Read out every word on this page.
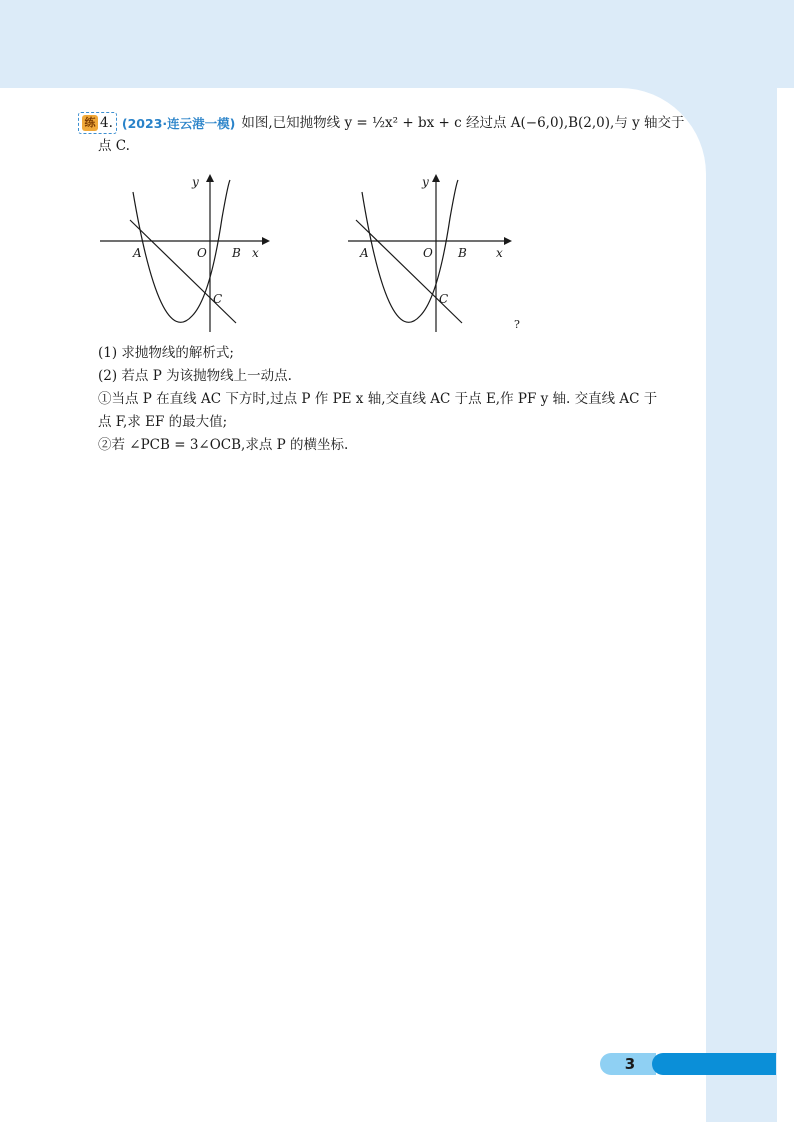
练 4. (2023·连云港一模) 如图,已知抛物线 y = ½x² + bx + c 经过点 A(−6,0),B(2,0),与 y 轴交于
点 C.
y
x
A	O B
C
y
x
A	O B
C
?
(1) 求抛物线的解析式;
(2) 若点 P 为该抛物线上一动点.
①当点 P 在直线 AC 下方时,过点 P 作 PE x 轴,交直线 AC 于点 E,作 PF y 轴. 交直线 AC 于
点 F,求 EF 的最大值;
②若 ∠PCB = 3∠OCB,求点 P 的横坐标.
3
